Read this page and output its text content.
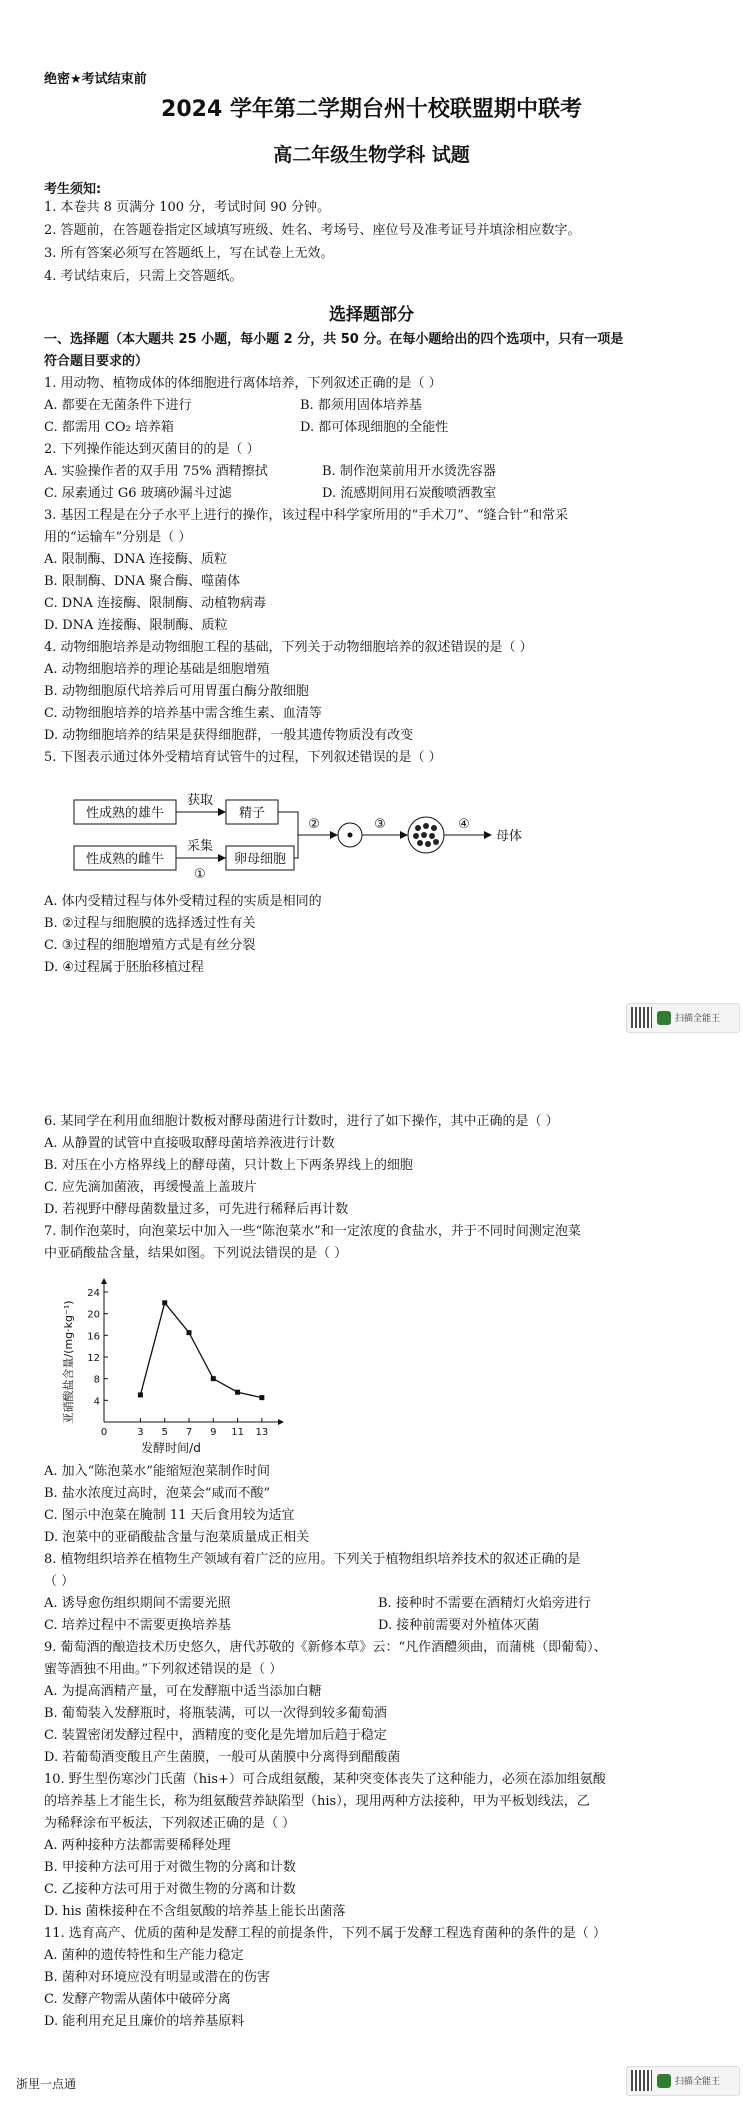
绝密★考试结束前
2024 学年第二学期台州十校联盟期中联考
高二年级生物学科 试题
考生须知:
1. 本卷共 8 页满分 100 分，考试时间 90 分钟。
2. 答题前，在答题卷指定区域填写班级、姓名、考场号、座位号及准考证号并填涂相应数字。
3. 所有答案必须写在答题纸上，写在试卷上无效。
4. 考试结束后，只需上交答题纸。
选择题部分
一、选择题（本大题共 25 小题，每小题 2 分，共 50 分。在每小题给出的四个选项中，只有一项是
符合题目要求的）
1. 用动物、植物成体的体细胞进行离体培养，下列叙述正确的是（ ）
A. 都要在无菌条件下进行	B. 都须用固体培养基
C. 都需用 CO₂ 培养箱	D. 都可体现细胞的全能性
2. 下列操作能达到灭菌目的的是（ ）
A. 实验操作者的双手用 75% 酒精擦拭	B. 制作泡菜前用开水烫洗容器
C. 尿素通过 G6 玻璃砂漏斗过滤	D. 流感期间用石炭酸喷洒教室
3. 基因工程是在分子水平上进行的操作，该过程中科学家所用的“手术刀”、“缝合针”和常采
用的“运输车”分别是（ ）
A. 限制酶、DNA 连接酶、质粒
B. 限制酶、DNA 聚合酶、噬菌体
C. DNA 连接酶、限制酶、动植物病毒
D. DNA 连接酶、限制酶、质粒
4. 动物细胞培养是动物细胞工程的基础，下列关于动物细胞培养的叙述错误的是（ ）
A. 动物细胞培养的理论基础是细胞增殖
B. 动物细胞原代培养后可用胃蛋白酶分散细胞
C. 动物细胞培养的培养基中需含维生素、血清等
D. 动物细胞培养的结果是获得细胞群，一般其遗传物质没有改变
5. 下图表示通过体外受精培育试管牛的过程，下列叙述错误的是（ ）
性成熟的雄牛
性成熟的雌牛
获取
采集
①
精子
卵母细胞
②	③	④
母体
A. 体内受精过程与体外受精过程的实质是相同的
B. ②过程与细胞膜的选择透过性有关
C. ③过程的细胞增殖方式是有丝分裂
D. ④过程属于胚胎移植过程
扫描全能王
6. 某同学在利用血细胞计数板对酵母菌进行计数时，进行了如下操作，其中正确的是（ ）
A. 从静置的试管中直接吸取酵母菌培养液进行计数
B. 对压在小方格界线上的酵母菌，只计数上下两条界线上的细胞
C. 应先滴加菌液，再缓慢盖上盖玻片
D. 若视野中酵母菌数量过多，可先进行稀释后再计数
7. 制作泡菜时，向泡菜坛中加入一些“陈泡菜水”和一定浓度的食盐水，并于不同时间测定泡菜
中亚硝酸盐含量，结果如图。下列说法错误的是（ ）
亚硝酸盐含量/(mg·kg⁻¹)
发酵时间/d
4
8
12
16
20
24
0	3 5 7 9 11 13
A. 加入“陈泡菜水”能缩短泡菜制作时间
B. 盐水浓度过高时，泡菜会“咸而不酸”
C. 图示中泡菜在腌制 11 天后食用较为适宜
D. 泡菜中的亚硝酸盐含量与泡菜质量成正相关
8. 植物组织培养在植物生产领域有着广泛的应用。下列关于植物组织培养技术的叙述正确的是
（ ）
A. 诱导愈伤组织期间不需要光照	B. 接种时不需要在酒精灯火焰旁进行
C. 培养过程中不需要更换培养基	D. 接种前需要对外植体灭菌
9. 葡萄酒的酿造技术历史悠久，唐代苏敬的《新修本草》云：“凡作酒醴须曲，而蒲桃（即葡萄）、
蜜等酒独不用曲。”下列叙述错误的是（ ）
A. 为提高酒精产量，可在发酵瓶中适当添加白糖
B. 葡萄装入发酵瓶时，将瓶装满，可以一次得到较多葡萄酒
C. 装置密闭发酵过程中，酒精度的变化是先增加后趋于稳定
D. 若葡萄酒变酸且产生菌膜，一般可从菌膜中分离得到醋酸菌
10. 野生型伤寒沙门氏菌（his+）可合成组氨酸，某种突变体丧失了这种能力，必须在添加组氨酸
的培养基上才能生长，称为组氨酸营养缺陷型（his），现用两种方法接种，甲为平板划线法，乙
为稀释涂布平板法，下列叙述正确的是（ ）
A. 两种接种方法都需要稀释处理
B. 甲接种方法可用于对微生物的分离和计数
C. 乙接种方法可用于对微生物的分离和计数
D. his 菌株接种在不含组氨酸的培养基上能长出菌落
11. 选育高产、优质的菌种是发酵工程的前提条件，下列不属于发酵工程选育菌种的条件的是（ ）
A. 菌种的遗传特性和生产能力稳定
B. 菌种对环境应没有明显或潜在的伤害
C. 发酵产物需从菌体中破碎分离
D. 能利用充足且廉价的培养基原料
浙里一点通	扫描全能王
